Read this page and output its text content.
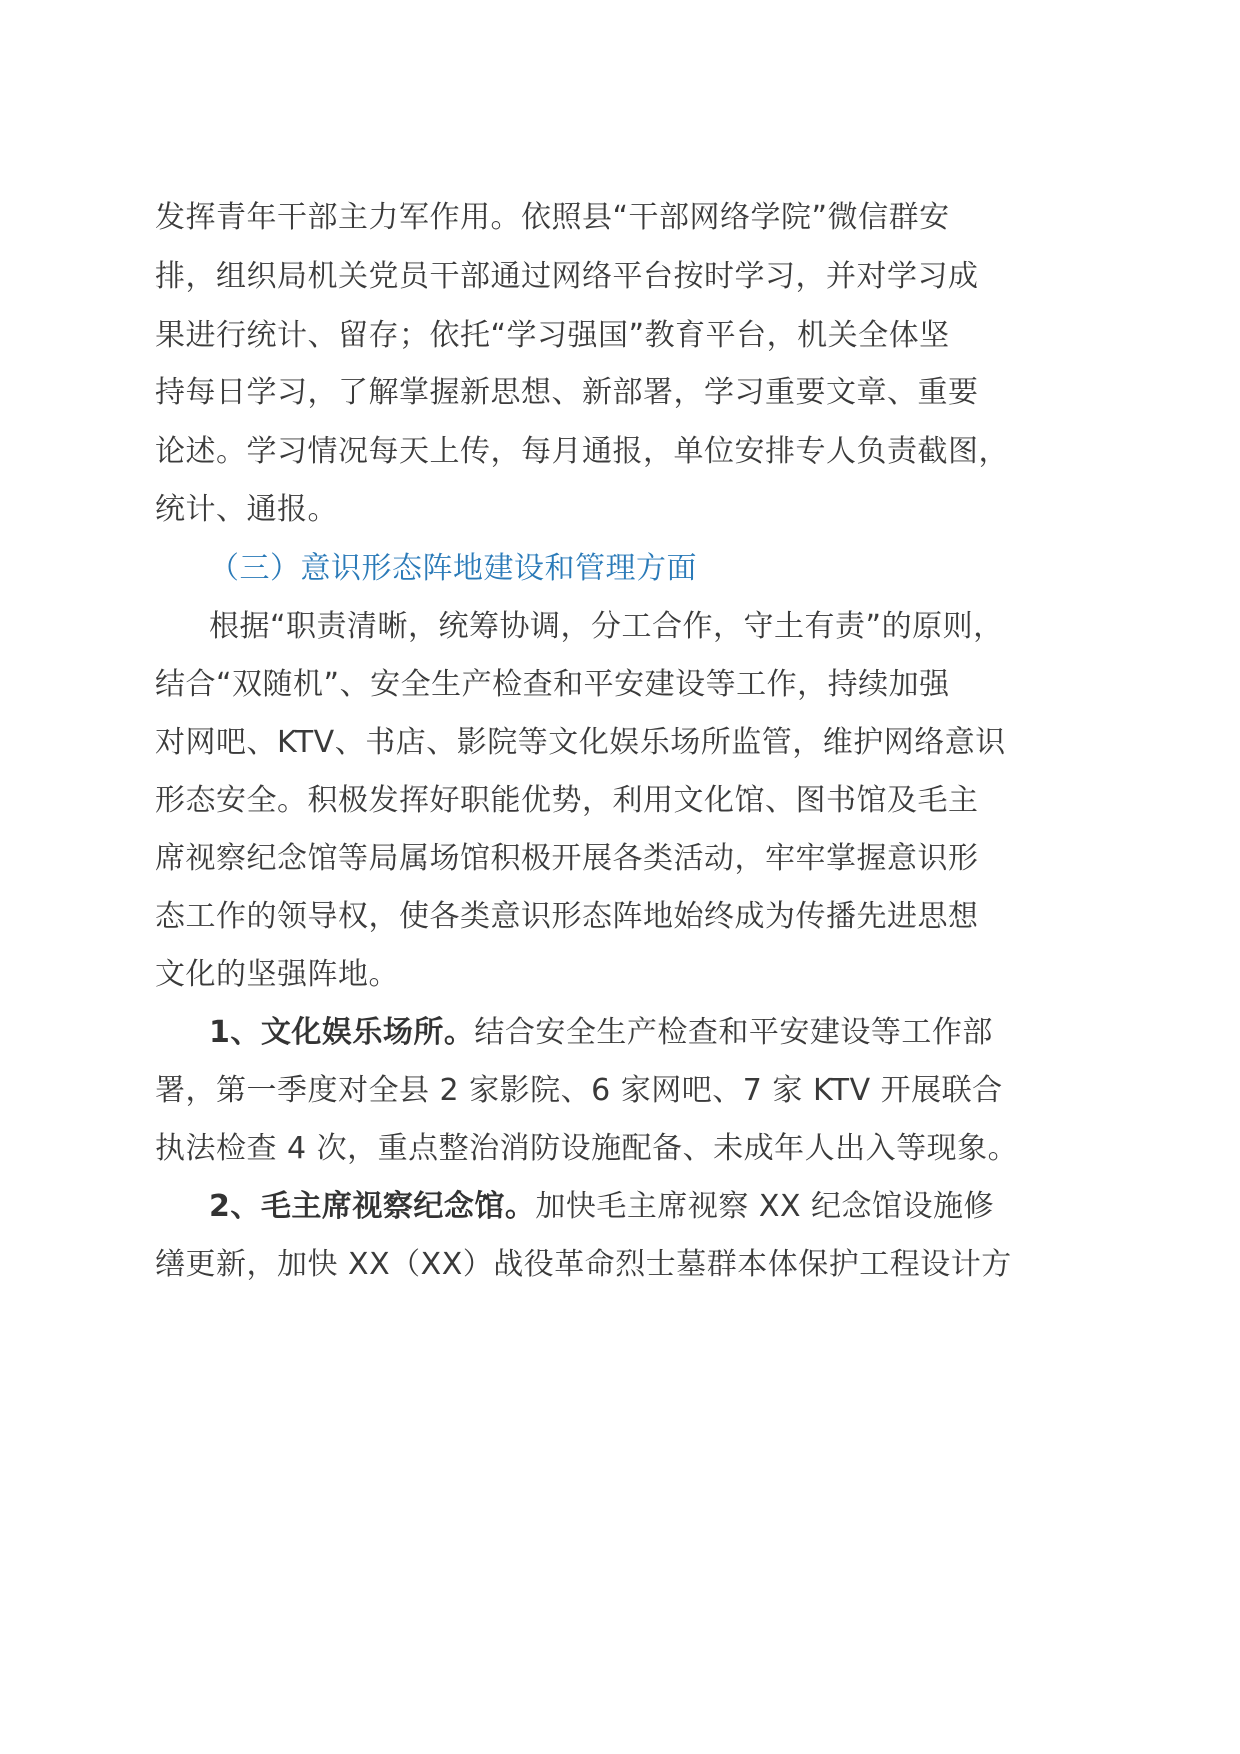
发挥青年干部主力军作用。依照县“干部网络学院”微信群安
排，组织局机关党员干部通过网络平台按时学习，并对学习成
果进行统计、留存；依托“学习强国”教育平台，机关全体坚
持每日学习，了解掌握新思想、新部署，学习重要文章、重要
论述。学习情况每天上传，每月通报，单位安排专人负责截图，
统计、通报。
（三）意识形态阵地建设和管理方面
根据“职责清晰，统筹协调，分工合作，守土有责”的原则，
结合“双随机”、安全生产检查和平安建设等工作，持续加强
对网吧、KTV、书店、影院等文化娱乐场所监管，维护网络意识
形态安全。积极发挥好职能优势，利用文化馆、图书馆及毛主
席视察纪念馆等局属场馆积极开展各类活动，牢牢掌握意识形
态工作的领导权，使各类意识形态阵地始终成为传播先进思想
文化的坚强阵地。
1、文化娱乐场所。结合安全生产检查和平安建设等工作部
署，第一季度对全县 2 家影院、6 家网吧、7 家 KTV 开展联合
执法检查 4 次，重点整治消防设施配备、未成年人出入等现象。
2、毛主席视察纪念馆。加快毛主席视察 XX 纪念馆设施修
缮更新，加快 XX（XX）战役革命烈士墓群本体保护工程设计方
